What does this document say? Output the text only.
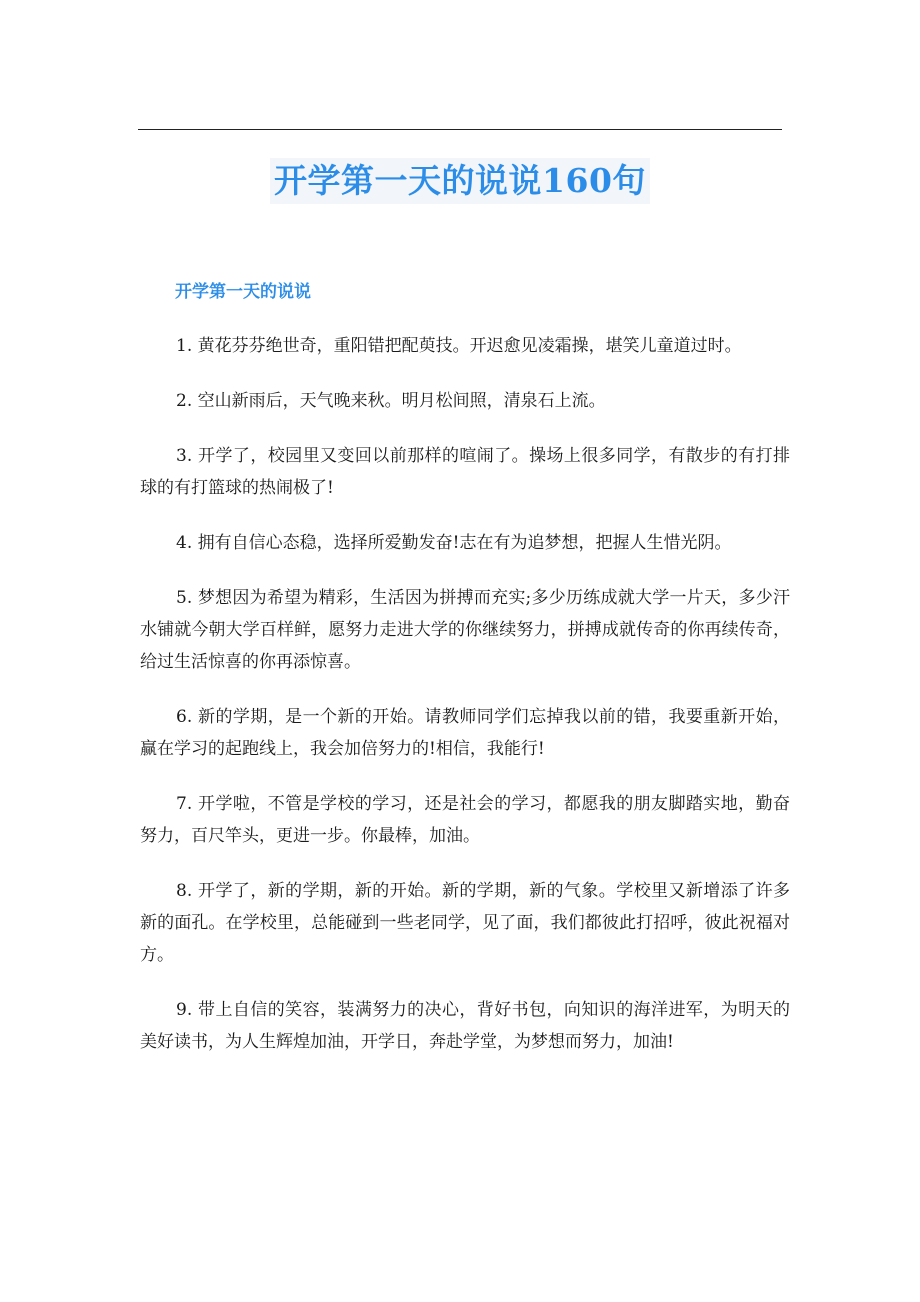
开学第一天的说说160句
开学第一天的说说

1. 黄花芬芬绝世奇，重阳错把配萸技。开迟愈见凌霜操，堪笑儿童道过时。

2. 空山新雨后，天气晚来秋。明月松间照，清泉石上流。

3. 开学了，校园里又变回以前那样的喧闹了。操场上很多同学，有散步的有打排球的有打篮球的热闹极了!

4. 拥有自信心态稳，选择所爱勤发奋!志在有为追梦想，把握人生惜光阴。

5. 梦想因为希望为精彩，生活因为拼搏而充实;多少历练成就大学一片天，多少汗水铺就今朝大学百样鲜，愿努力走进大学的你继续努力，拼搏成就传奇的你再续传奇，给过生活惊喜的你再添惊喜。

6. 新的学期，是一个新的开始。请教师同学们忘掉我以前的错，我要重新开始，赢在学习的起跑线上，我会加倍努力的!相信，我能行!

7. 开学啦，不管是学校的学习，还是社会的学习，都愿我的朋友脚踏实地，勤奋努力，百尺竿头，更进一步。你最棒，加油。

8. 开学了，新的学期，新的开始。新的学期，新的气象。学校里又新增添了许多新的面孔。在学校里，总能碰到一些老同学，见了面，我们都彼此打招呼，彼此祝福对方。

9. 带上自信的笑容，装满努力的决心，背好书包，向知识的海洋进军，为明天的美好读书，为人生辉煌加油，开学日，奔赴学堂，为梦想而努力，加油!
